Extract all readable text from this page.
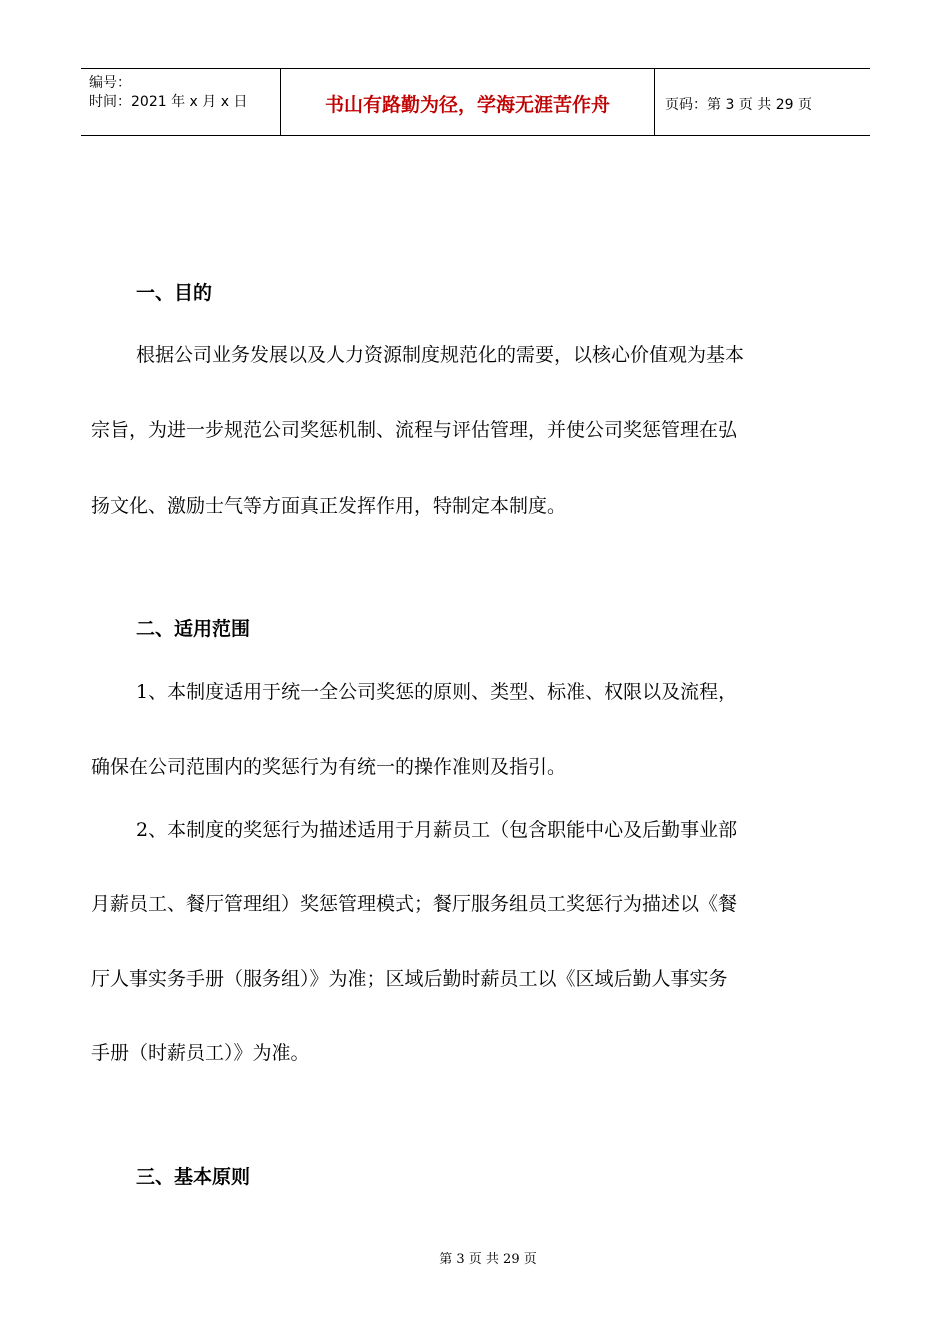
编号：
时间：2021 年 x 月 x 日	书山有路勤为径，学海无涯苦作舟	页码：第 3 页 共 29 页
一、目的
根据公司业务发展以及人力资源制度规范化的需要，以核心价值观为基本
宗旨，为进一步规范公司奖惩机制、流程与评估管理，并使公司奖惩管理在弘
扬文化、激励士气等方面真正发挥作用，特制定本制度。
二、适用范围
1、本制度适用于统一全公司奖惩的原则、类型、标准、权限以及流程，
确保在公司范围内的奖惩行为有统一的操作准则及指引。
2、本制度的奖惩行为描述适用于月薪员工（包含职能中心及后勤事业部
月薪员工、餐厅管理组）奖惩管理模式；餐厅服务组员工奖惩行为描述以《餐
厅人事实务手册（服务组）》为准；区域后勤时薪员工以《区域后勤人事实务
手册（时薪员工）》为准。
三、基本原则
第 3 页 共 29 页
